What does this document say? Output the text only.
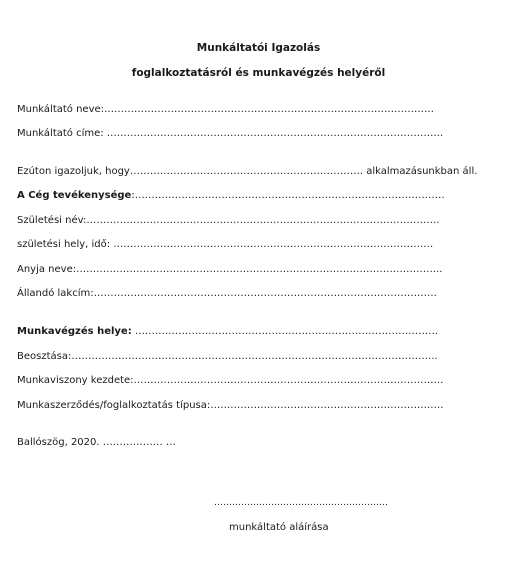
Munkáltatói Igazolás
foglalkoztatásról és munkavégzés helyéről
Munkáltató neve:………………………………………………………………………………………
Munkáltató címe: ………………………………………………………………………………………..
Ezúton igazoljuk, hogy……………………………………………………………. alkalmazásunkban áll.
A Cég tevékenysége:…………………………………………………………………………………
Születési név:…………………………………………………………………………………………….
születési hely, idő: ……………………………………………………………………………………
Anyja neve:………………………………………………………………………………………………..
Állandó lakcím:………………………………………………………………………………………….
Munkavégzés helye: ……………………………………………………………………………….
Beosztása:………………………………………………………………………………………………..
Munkaviszony kezdete:…………………………………………………………………………………
Munkaszerződés/foglalkoztatás típusa:…………………………………………………………….
Ballószög, 2020. ……………… …
………………………………………………….
munkáltató aláírása
